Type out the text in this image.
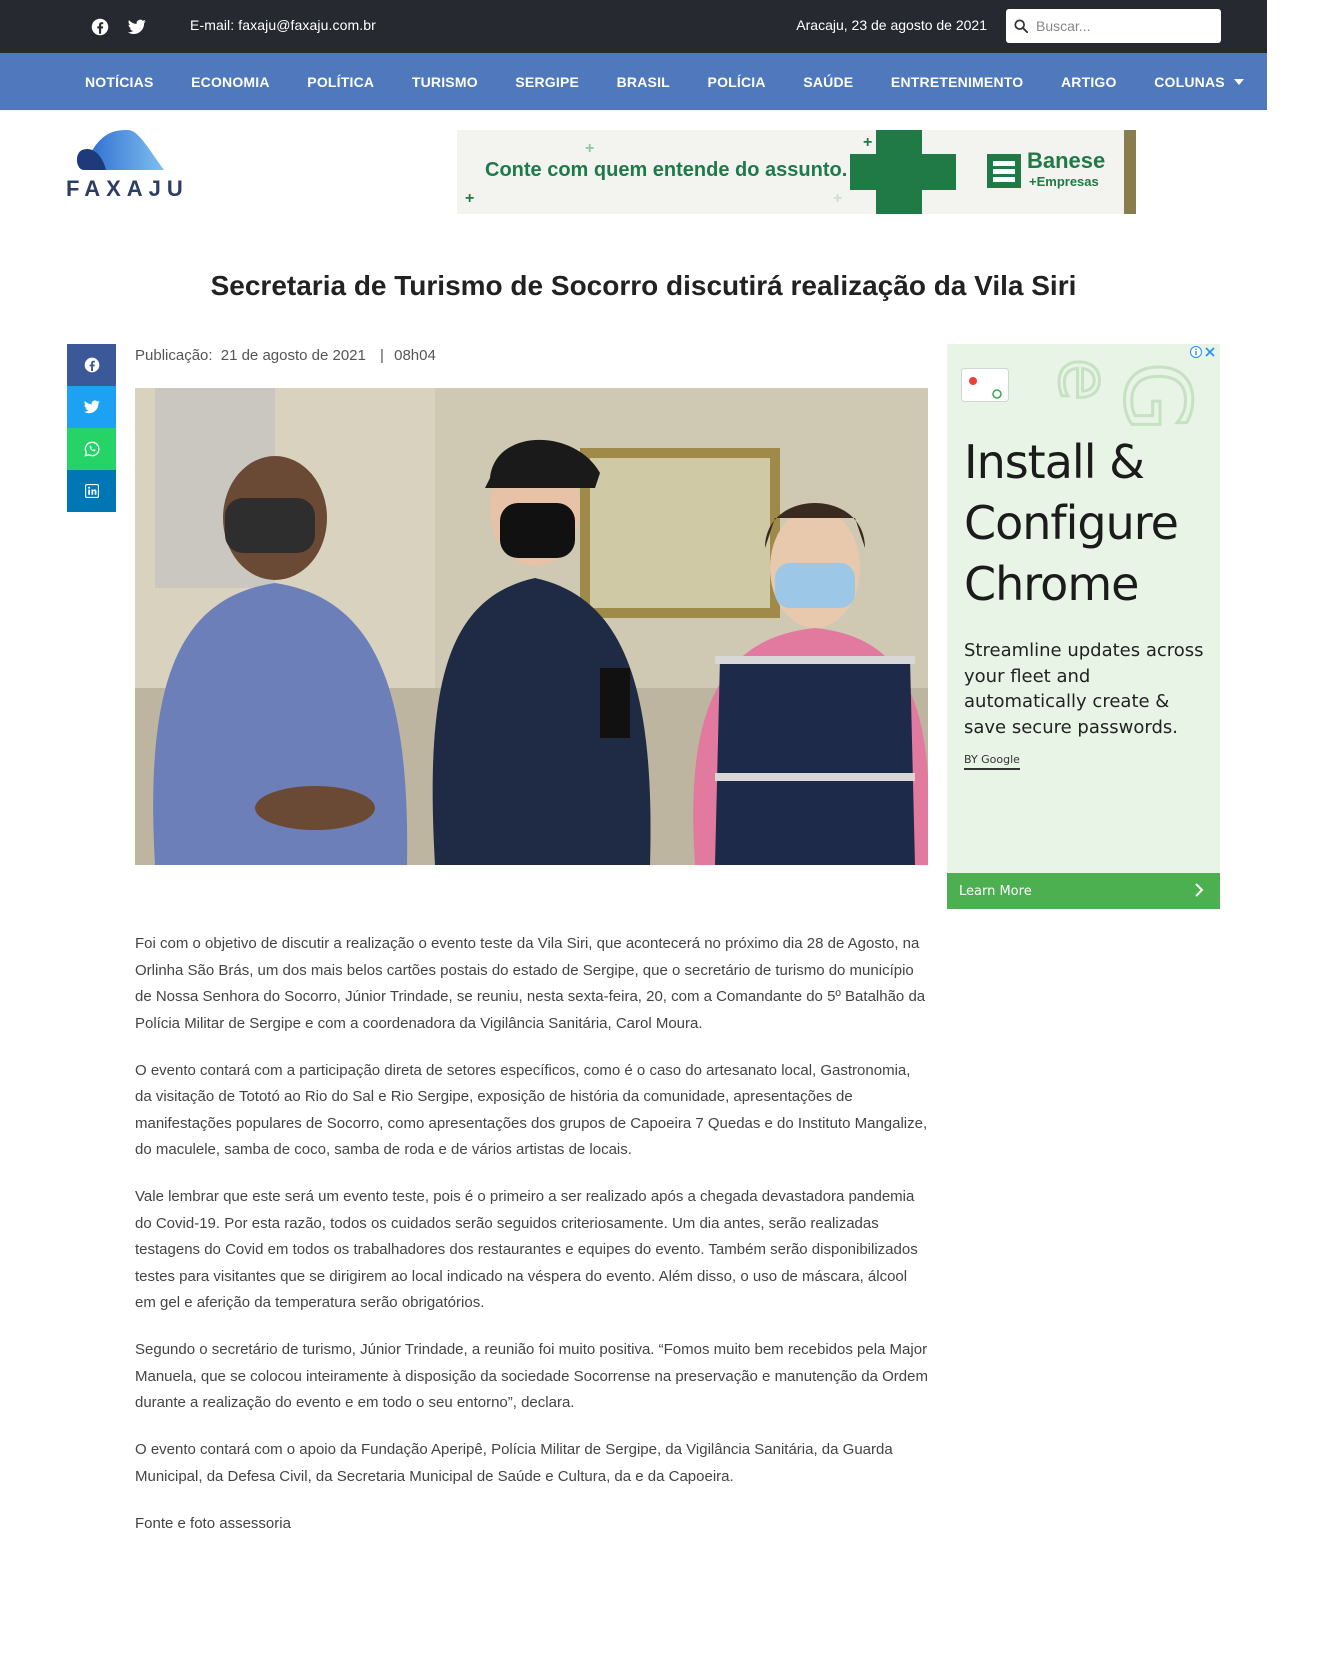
E-mail: faxaju@faxaju.com.br	Aracaju, 23 de agosto de 2021
Buscar...
NOTÍCIAS	ECONOMIA	POLÍTICA	TURISMO	SERGIPE	BRASIL	POLÍCIA	SAÚDE	ENTRETENIMENTO	ARTIGO	COLUNAS
FAXAJU
+
+
+
+
Conte com quem entende do assunto.	Banese
+Empresas
Secretaria de Turismo de Socorro discutirá realização da Vila Siri
Publicação: 21 de agosto de 2021 | 08h04

Foi com o objetivo de discutir a realização o evento teste da Vila Siri, que acontecerá no próximo dia 28 de Agosto, na Orlinha São Brás, um dos mais belos cartões postais do estado de Sergipe, que o secretário de turismo do município de Nossa Senhora do Socorro, Júnior Trindade, se reuniu, nesta sexta-feira, 20, com a Comandante do 5º Batalhão da Polícia Militar de Sergipe e com a coordenadora da Vigilância Sanitária, Carol Moura.

O evento contará com a participação direta de setores específicos, como é o caso do artesanato local, Gastronomia, da visitação de Tototó ao Rio do Sal e Rio Sergipe, exposição de história da comunidade, apresentações de manifestações populares de Socorro, como apresentações dos grupos de Capoeira 7 Quedas e do Instituto Mangalize, do maculele, samba de coco, samba de roda e de vários artistas de locais.

Vale lembrar que este será um evento teste, pois é o primeiro a ser realizado após a chegada devastadora pandemia do Covid-19. Por esta razão, todos os cuidados serão seguidos criteriosamente. Um dia antes, serão realizadas testagens do Covid em todos os trabalhadores dos restaurantes e equipes do evento. Também serão disponibilizados testes para visitantes que se dirigirem ao local indicado na véspera do evento. Além disso, o uso de máscara, álcool em gel e aferição da temperatura serão obrigatórios.

Segundo o secretário de turismo, Júnior Trindade, a reunião foi muito positiva. “Fomos muito bem recebidos pela Major Manuela, que se colocou inteiramente à disposição da sociedade Socorrense na preservação e manutenção da Ordem durante a realização do evento e em todo o seu entorno”, declara.

O evento contará com o apoio da Fundação Aperipê, Polícia Militar de Sergipe, da Vigilância Sanitária, da Guarda Municipal, da Defesa Civil, da Secretaria Municipal de Saúde e Cultura, da e da Capoeira.

Fonte e foto assessoria

G
e
Install & Configure Chrome
Streamline updates across your fleet and automatically create & save secure passwords.
BY Google
Learn More
